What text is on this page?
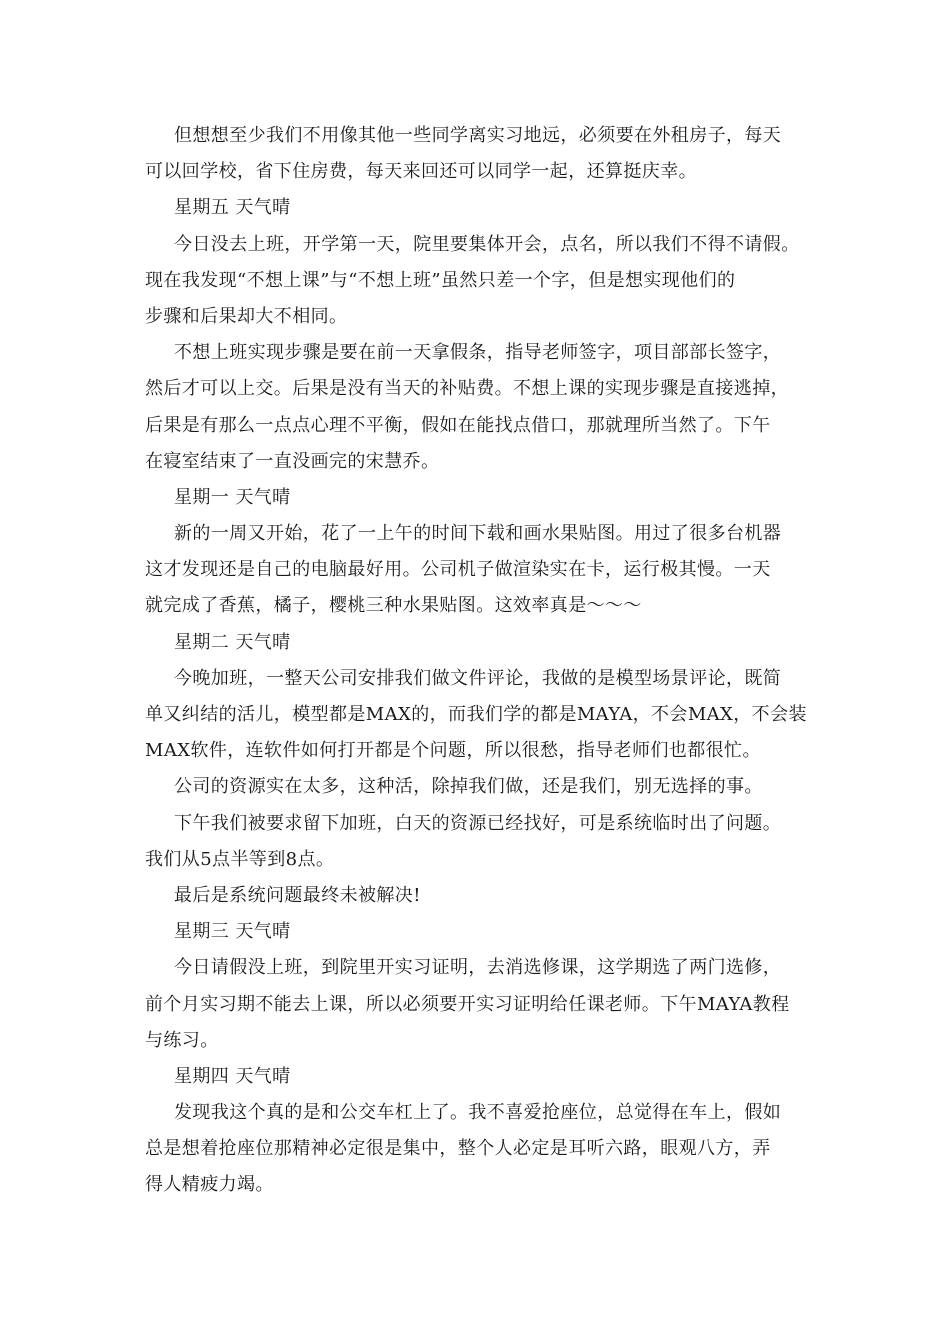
但想想至少我们不用像其他一些同学离实习地远，必须要在外租房子，每天
可以回学校，省下住房费，每天来回还可以同学一起，还算挺庆幸。
星期五 天气晴
今日没去上班，开学第一天，院里要集体开会，点名，所以我们不得不请假。
现在我发现“不想上课”与“不想上班”虽然只差一个字，但是想实现他们的
步骤和后果却大不相同。
不想上班实现步骤是要在前一天拿假条，指导老师签字，项目部部长签字，
然后才可以上交。后果是没有当天的补贴费。不想上课的实现步骤是直接逃掉，
后果是有那么一点点心理不平衡，假如在能找点借口，那就理所当然了。下午
在寝室结束了一直没画完的宋慧乔。
星期一 天气晴
新的一周又开始，花了一上午的时间下载和画水果贴图。用过了很多台机器
这才发现还是自己的电脑最好用。公司机子做渲染实在卡，运行极其慢。一天
就完成了香蕉，橘子，樱桃三种水果贴图。这效率真是～～～
星期二 天气晴
今晚加班，一整天公司安排我们做文件评论，我做的是模型场景评论，既简
单又纠结的活儿，模型都是MAX的，而我们学的都是MAYA，不会MAX，不会装
MAX软件，连软件如何打开都是个问题，所以很愁，指导老师们也都很忙。
公司的资源实在太多，这种活，除掉我们做，还是我们，别无选择的事。
下午我们被要求留下加班，白天的资源已经找好，可是系统临时出了问题。
我们从5点半等到8点。
最后是系统问题最终未被解决!
星期三 天气晴
今日请假没上班，到院里开实习证明，去消选修课，这学期选了两门选修，
前个月实习期不能去上课，所以必须要开实习证明给任课老师。下午MAYA教程
与练习。
星期四 天气晴
发现我这个真的是和公交车杠上了。我不喜爱抢座位，总觉得在车上，假如
总是想着抢座位那精神必定很是集中，整个人必定是耳听六路，眼观八方，弄
得人精疲力竭。
